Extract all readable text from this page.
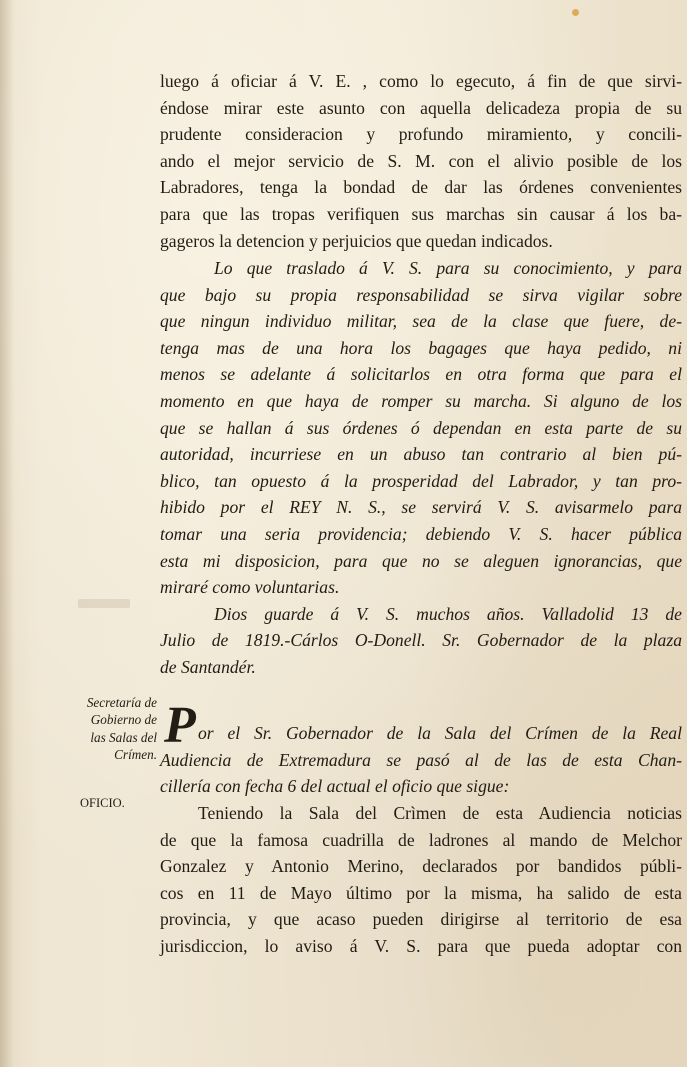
luego á oficiar á V. E. , como lo egecuto, á fin de que sirvi-
éndose mirar este asunto con aquella delicadeza propia de su
prudente consideracion y profundo miramiento, y concili-
ando el mejor servicio de S. M. con el alivio posible de los
Labradores, tenga la bondad de dar las órdenes convenientes
para que las tropas verifiquen sus marchas sin causar á los ba-
gageros la detencion y perjuicios que quedan indicados.
Lo que traslado á V. S. para su conocimiento, y para
que bajo su propia responsabilidad se sirva vigilar sobre
que ningun individuo militar, sea de la clase que fuere, de-
tenga mas de una hora los bagages que haya pedido, ni
menos se adelante á solicitarlos en otra forma que para el
momento en que haya de romper su marcha. Si alguno de los
que se hallan á sus órdenes ó dependan en esta parte de su
autoridad, incurriese en un abuso tan contrario al bien pú-
blico, tan opuesto á la prosperidad del Labrador, y tan pro-
hibido por el REY N. S., se servirá V. S. avisarmelo para
tomar una seria providencia; debiendo V. S. hacer pública
esta mi disposicion, para que no se aleguen ignorancias, que
miraré como voluntarias.
Dios guarde á V. S. muchos años. Valladolid 13 de
Julio de 1819.-Cárlos O-Donell. Sr. Gobernador de la plaza
de Santandér.
Secretaría de
Gobierno de
las Salas del
Crímen.
OFICIO.
P or el Sr. Gobernador de la Sala del Crímen de la Real
Audiencia de Extremadura se pasó al de las de esta Chan-
cillería con fecha 6 del actual el oficio que sigue:
Teniendo la Sala del Crìmen de esta Audiencia noticias
de que la famosa cuadrilla de ladrones al mando de Melchor
Gonzalez y Antonio Merino, declarados por bandidos públi-
cos en 11 de Mayo último por la misma, ha salido de esta
provincia, y que acaso pueden dirigirse al territorio de esa
jurisdiccion, lo aviso á V. S. para que pueda adoptar con
